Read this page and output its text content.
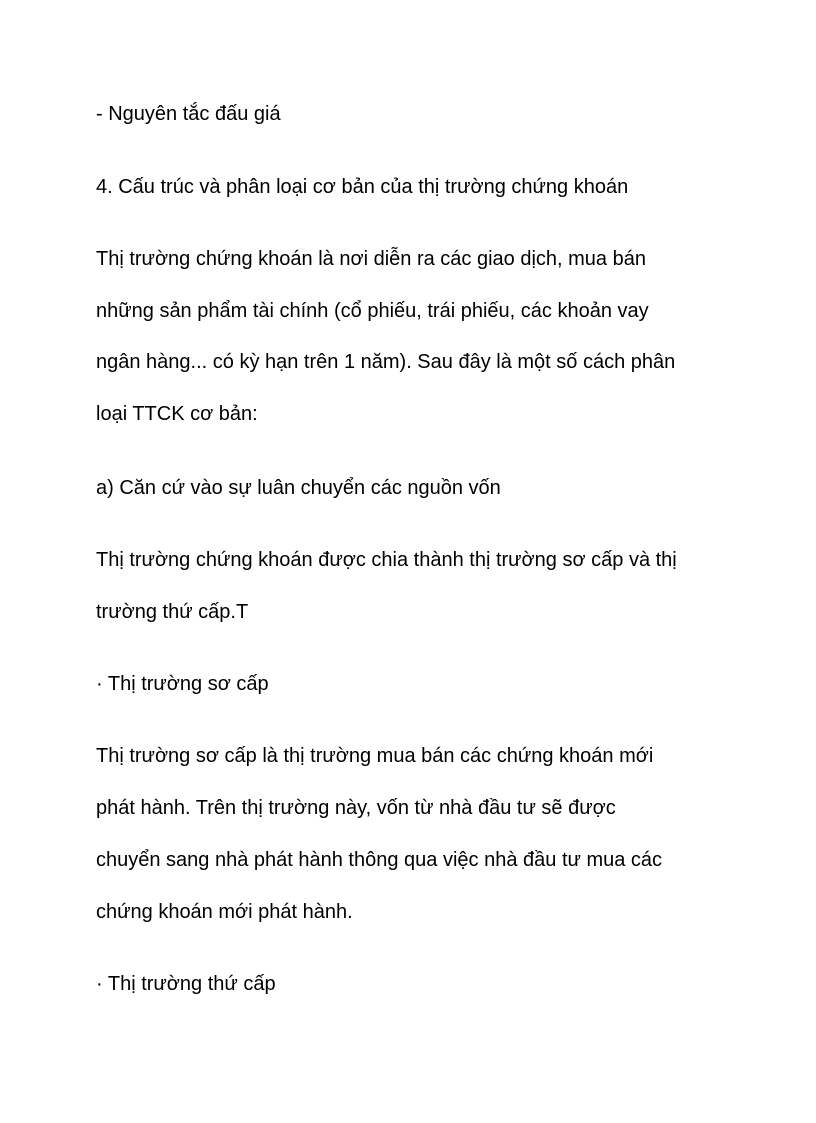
- Nguyên tắc đấu giá

4. Cấu trúc và phân loại cơ bản của thị trường chứng khoán

Thị trường chứng khoán là nơi diễn ra các giao dịch, mua bán

những sản phẩm tài chính (cổ phiếu, trái phiếu, các khoản vay

ngân hàng... có kỳ hạn trên 1 năm). Sau đây là một số cách phân

loại TTCK cơ bản:

a) Căn cứ vào sự luân chuyển các nguồn vốn

Thị trường chứng khoán được chia thành thị trường sơ cấp và thị

trường thứ cấp.T

· Thị trường sơ cấp

Thị trường sơ cấp là thị trường mua bán các chứng khoán mới

phát hành. Trên thị trường này, vốn từ nhà đầu tư sẽ được

chuyển sang nhà phát hành thông qua việc nhà đầu tư mua các

chứng khoán mới phát hành.

· Thị trường thứ cấp
